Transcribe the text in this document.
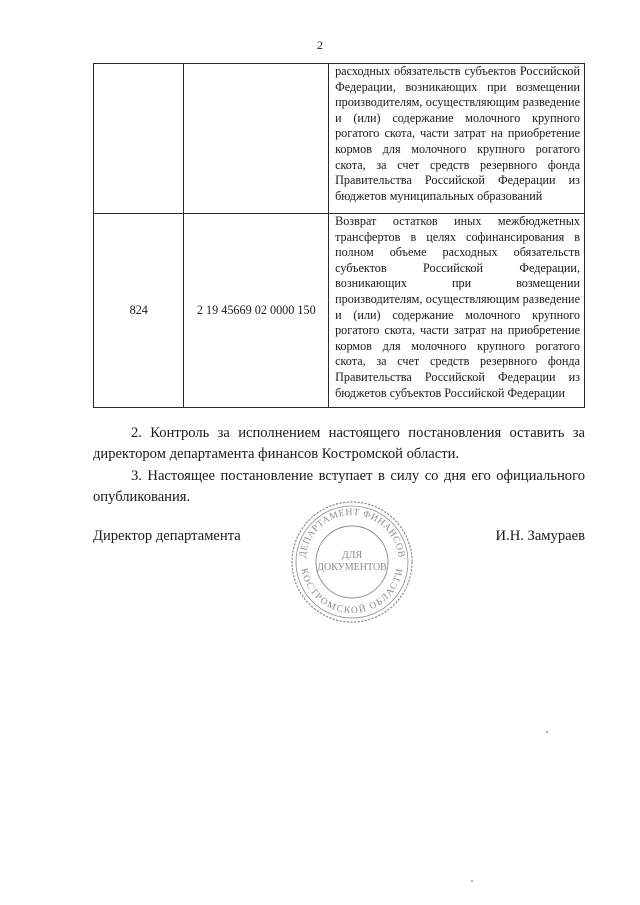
2
		расходных обязательств субъектов Российской Федерации, возникающих при возмещении производителям, осуществляющим разведение и (или) содержание молочного крупного рогатого скота, части затрат на приобретение кормов для молочного крупного рогатого скота, за счет средств резервного фонда Правительства Российской Федерации из бюджетов муниципальных образований
824	2 19 45669 02 0000 150	Возврат остатков иных межбюджетных трансфертов в целях софинансирования в полном объеме расходных обязательств субъектов Российской Федерации, возникающих при возмещении производителям, осуществляющим разведение и (или) содержание молочного крупного рогатого скота, части затрат на приобретение кормов для молочного крупного рогатого скота, за счет средств резервного фонда Правительства Российской Федерации из бюджетов субъектов Российской Федерации
2. Контроль за исполнением настоящего постановления оставить за директором департамента финансов Костромской области.
3. Настоящее постановление вступает в силу со дня его официального опубликования.
Директор департамента	И.Н. Замураев
ДЕПАРТАМЕНТ ФИНАНСОВ
КОСТРОМСКОЙ ОБЛАСТИ
ДЛЯ
ДОКУМЕНТОВ
